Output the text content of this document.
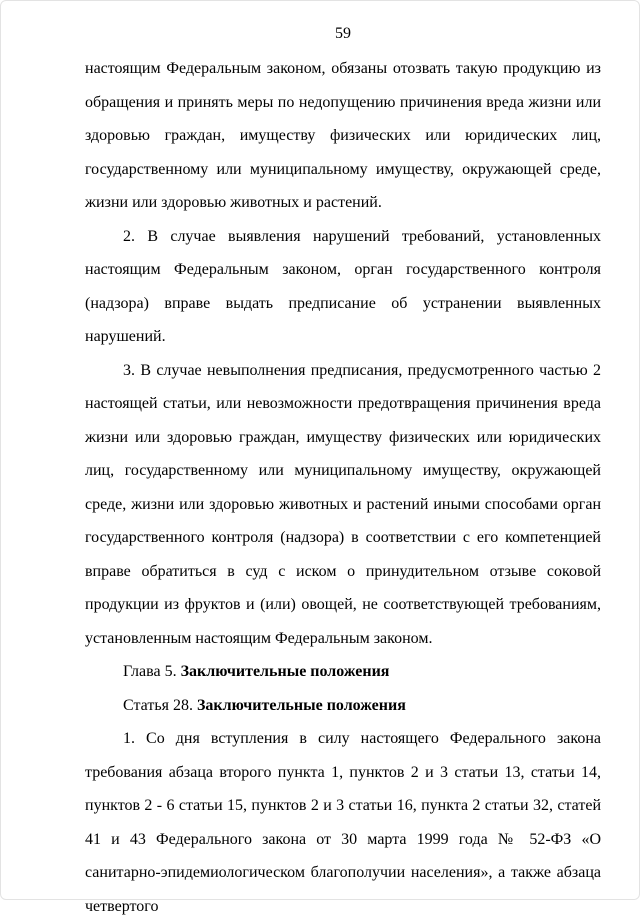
59

настоящим Федеральным законом, обязаны отозвать такую продукцию из обращения и принять меры по недопущению причинения вреда жизни или здоровью граждан, имуществу физических или юридических лиц, государственному или муниципальному имуществу, окружающей среде, жизни или здоровью животных и растений.

2. В случае выявления нарушений требований, установленных настоящим Федеральным законом, орган государственного контроля (надзора) вправе выдать предписание об устранении выявленных нарушений.

3. В случае невыполнения предписания, предусмотренного частью 2 настоящей статьи, или невозможности предотвращения причинения вреда жизни или здоровью граждан, имуществу физических или юридических лиц, государственному или муниципальному имуществу, окружающей среде, жизни или здоровью животных и растений иными способами орган государственного контроля (надзора) в соответствии с его компетенцией вправе обратиться в суд с иском о принудительном отзыве соковой продукции из фруктов и (или) овощей, не соответствующей требованиям, установленным настоящим Федеральным законом.

Глава 5. Заключительные положения

Статья 28. Заключительные положения

1. Со дня вступления в силу настоящего Федерального закона требования абзаца второго пункта 1, пунктов 2 и 3 статьи 13, статьи 14, пунктов 2 - 6 статьи 15, пунктов 2 и 3 статьи 16, пункта 2 статьи 32, статей 41 и 43 Федерального закона от 30 марта 1999 года № 52-ФЗ «О санитарно-эпидемиологическом благополучии населения», а также абзаца четвертого
